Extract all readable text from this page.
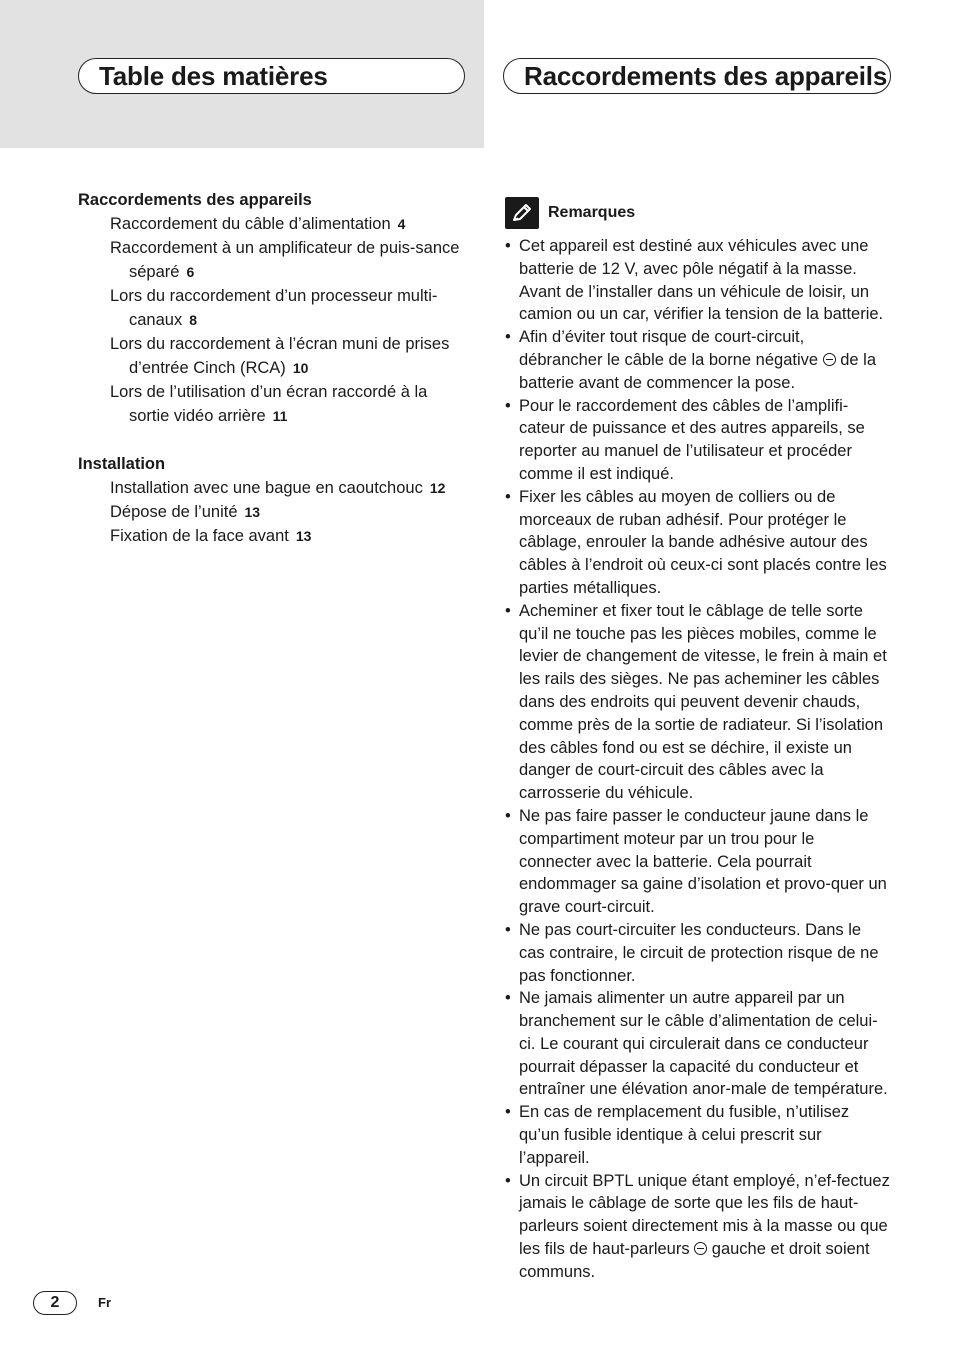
Table des matières	Raccordements des appareils
Raccordements des appareils
Raccordement du câble d’alimentation 4
Raccordement à un amplificateur de puis-sance séparé 6
Lors du raccordement d’un processeur multi-canaux 8
Lors du raccordement à l’écran muni de prises d’entrée Cinch (RCA) 10
Lors de l’utilisation d’un écran raccordé à la sortie vidéo arrière 11
Installation
Installation avec une bague en caoutchouc 12
Dépose de l’unité 13
Fixation de la face avant 13
Remarques
• Cet appareil est destiné aux véhicules avec une batterie de 12 V, avec pôle négatif à la masse. Avant de l’installer dans un véhicule de loisir, un camion ou un car, vérifier la tension de la batterie.
• Afin d’éviter tout risque de court-circuit, débrancher le câble de la borne négative de la batterie avant de commencer la pose.
• Pour le raccordement des câbles de l’amplifi-cateur de puissance et des autres appareils, se reporter au manuel de l’utilisateur et procéder comme il est indiqué.
• Fixer les câbles au moyen de colliers ou de morceaux de ruban adhésif. Pour protéger le câblage, enrouler la bande adhésive autour des câbles à l’endroit où ceux-ci sont placés contre les parties métalliques.
• Acheminer et fixer tout le câblage de telle sorte qu’il ne touche pas les pièces mobiles, comme le levier de changement de vitesse, le frein à main et les rails des sièges. Ne pas acheminer les câbles dans des endroits qui peuvent devenir chauds, comme près de la sortie de radiateur. Si l’isolation des câbles fond ou est se déchire, il existe un danger de court-circuit des câbles avec la carrosserie du véhicule.
• Ne pas faire passer le conducteur jaune dans le compartiment moteur par un trou pour le connecter avec la batterie. Cela pourrait endommager sa gaine d’isolation et provo-quer un grave court-circuit.
• Ne pas court-circuiter les conducteurs. Dans le cas contraire, le circuit de protection risque de ne pas fonctionner.
• Ne jamais alimenter un autre appareil par un branchement sur le câble d’alimentation de celui-ci. Le courant qui circulerait dans ce conducteur pourrait dépasser la capacité du conducteur et entraîner une élévation anor-male de température.
• En cas de remplacement du fusible, n’utilisez qu’un fusible identique à celui prescrit sur l’appareil.
• Un circuit BPTL unique étant employé, n’ef-fectuez jamais le câblage de sorte que les fils de haut-parleurs soient directement mis à la masse ou que les fils de haut-parleurs gauche et droit soient communs.
2	Fr
